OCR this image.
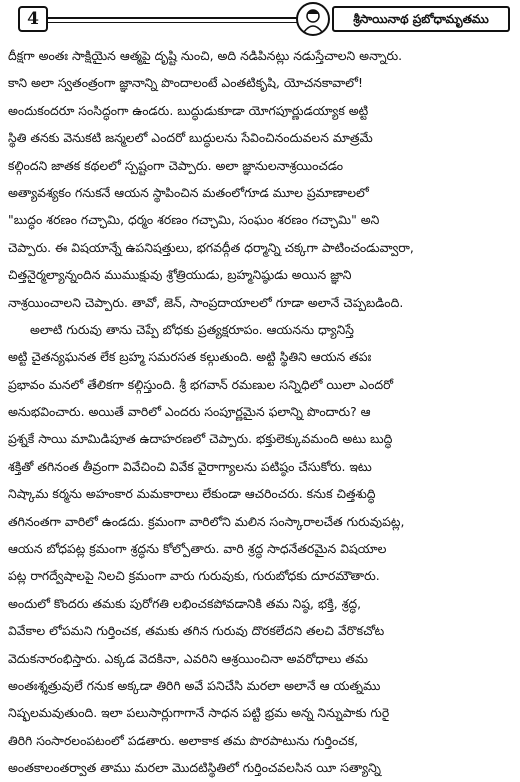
4	శ్రీసాయినాథ ప్రబోధామృతము
దీక్షగా అంతః సాక్షియైన ఆత్మపై దృష్టి నుంచి, అది నడిపినట్లు నడుస్తేచాలని అన్నారు.
కాని అలా స్వతంత్రంగా జ్ఞానాన్ని పొందాలంటే ఎంతటికృషి, యోచనకావాలో!
అందుకందరూ సంసిద్ధంగా ఉండరు. బుద్ధుడుకూడా యోగపూర్ణుడయ్యాక అట్టి
స్థితి తనకు వెనుకటి జన్మలలో ఎందరో బుద్ధులను సేవించినందువలన మాత్రమే
కల్గిందని జాతక కథలలో స్పష్టంగా చెప్పారు. అలా జ్ఞానులనాశ్రయించడం
అత్యావశ్యకం గనుకనే ఆయన స్థాపించిన మతంలోగూడ మూల ప్రమాణాలలో
"బుద్ధం శరణం గచ్ఛామి, ధర్మం శరణం గచ్ఛామి, సంఘం శరణం గచ్ఛామి" అని
చెప్పారు. ఈ విషయాన్నే ఉపనిషత్తులు, భగవద్గీత ధర్మాన్ని చక్కగా పాటించండువ్వారా,
చిత్తనైర్మల్యాన్నందిన ముముక్షువు శ్రోత్రియుడు, బ్రహ్మనిష్ఠుడు అయిన జ్ఞాని
నాశ్రయించాలని చెప్పారు. తావో, జెన్, సాంప్రదాయాలలో గూడా అలానే చెప్పబడింది.
అలాటి గురువు తాను చెప్పే బోధకు ప్రత్యక్షరూపం. ఆయనను ధ్యానిస్తే
అట్టి చైతన్యఘనత లేక బ్రహ్మ సమరసత కల్గుతుంది. అట్టి స్థితిని ఆయన తపః
ప్రభావం మనలో తేలికగా కల్గిస్తుంది. శ్రీ భగవాన్ రమణుల సన్నిధిలో యిలా ఎందరో
అనుభవించారు. అయితే వారిలో ఎందరు సంపూర్ణమైన ఫలాన్ని పొందారు? ఆ
ప్రశ్నకే సాయి మామిడిపూత ఉదాహరణలో చెప్పారు. భక్తులెక్కువమంది అటు బుద్ధి
శక్తితో తగినంత తీవ్రంగా వివేచించి వివేక వైరాగ్యాలను పటిష్ఠం చేసుకోరు. ఇటు
నిష్కామ కర్మను అహంకార మమకారాలు లేకుండా ఆచరించరు. కనుక చిత్తశుద్ధి
తగినంతగా వారిలో ఉండదు. క్రమంగా వారిలోని మలిన సంస్కారాలచేత గురువుపట్ల,
ఆయన బోధపట్ల క్రమంగా శ్రద్ధను కోల్పోతారు. వారి శ్రద్ధ సాధనేతరమైన విషయాల
పట్ల రాగద్వేషాలపై నిలచి క్రమంగా వారు గురువుకు, గురుబోధకు దూరమౌతారు.
అందులో కొందరు తమకు పురోగతి లభించకపోవడానికి తమ నిష్ఠ, భక్తి, శ్రద్ధ,
వివేకాల లోపమని గుర్తించక, తమకు తగిన గురువు దొరకలేదని తలచి వేరొకచోట
వెదుకనారంభిస్తారు. ఎక్కడ వెదకినా, ఎవరిని ఆశ్రయించినా అవరోధాలు తమ
అంతఃశ్శత్రువులే గనుక అక్కడా తిరిగి అవే పనిచేసి మరలా అలానే ఆ యత్నము
నిష్ఫలమవుతుంది. ఇలా పలుసార్లుగాగానే సాధన పట్టి భ్రమ అన్న నిన్నుపాకు గురై
తిరిగి సంసారలంపటంలో పడతారు. అలాకాక తమ పొరపాటును గుర్తించక,
అంతకాలంతర్వాత తాము మరలా మొదటిస్థితిలో గుర్తించవలసిన యీ సత్యాన్ని
